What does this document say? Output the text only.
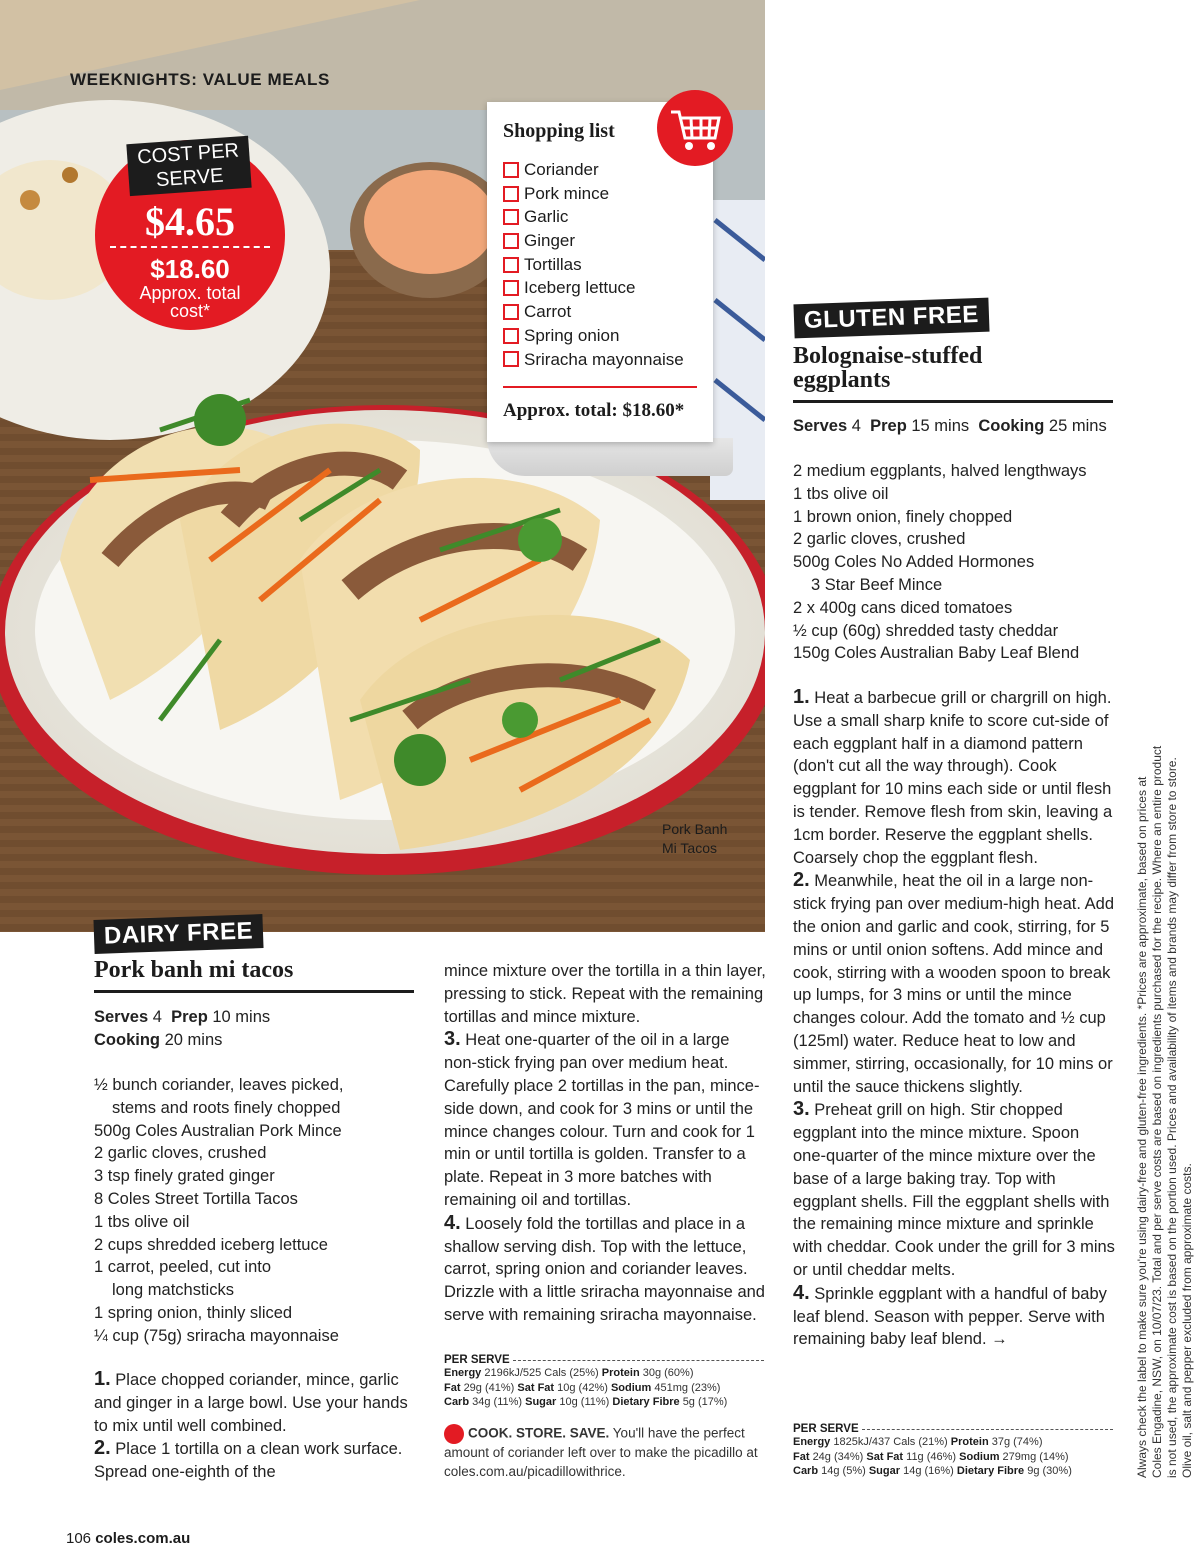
WEEKNIGHTS: VALUE MEALS
$4.65
$18.60
Approx. total
cost*
COST PER
SERVE
Shopping list
Coriander
Pork mince
Garlic
Ginger
Tortillas
Iceberg lettuce
Carrot
Spring onion
Sriracha mayonnaise
Approx. total: $18.60*
Pork Banh
Mi Tacos
DAIRY FREE
Pork banh mi tacos
Serves 4 Prep 10 mins
Cooking 20 mins
½ bunch coriander, leaves picked,
stems and roots finely chopped
500g Coles Australian Pork Mince
2 garlic cloves, crushed
3 tsp finely grated ginger
8 Coles Street Tortilla Tacos
1 tbs olive oil
2 cups shredded iceberg lettuce
1 carrot, peeled, cut into
long matchsticks
1 spring onion, thinly sliced
¼ cup (75g) sriracha mayonnaise

1. Place chopped coriander, mince, garlic and ginger in a large bowl. Use your hands to mix until well combined.

2. Place 1 tortilla on a clean work surface. Spread one-eighth of the

mince mixture over the tortilla in a thin layer, pressing to stick. Repeat with the remaining tortillas and mince mixture.

3. Heat one-quarter of the oil in a large non-stick frying pan over medium heat. Carefully place 2 tortillas in the pan, mince-side down, and cook for 3 mins or until the mince changes colour. Turn and cook for 1 min or until tortilla is golden. Transfer to a plate. Repeat in 3 more batches with remaining oil and tortillas.

4. Loosely fold the tortillas and place in a shallow serving dish. Top with the lettuce, carrot, spring onion and coriander leaves. Drizzle with a little sriracha mayonnaise and serve with remaining sriracha mayonnaise.

PER SERVE
Energy 2196kJ/525 Cals (25%) Protein 30g (60%)
Fat 29g (41%) Sat Fat 10g (42%) Sodium 451mg (23%)
Carb 34g (11%) Sugar 10g (11%) Dietary Fibre 5g (17%)
COOK. STORE. SAVE. You'll have the perfect amount of coriander left over to make the picadillo at coles.com.au/picadillowithrice.
GLUTEN FREE
Bolognaise-stuffed
eggplants
Serves 4 Prep 15 mins Cooking 25 mins
2 medium eggplants, halved lengthways
1 tbs olive oil
1 brown onion, finely chopped
2 garlic cloves, crushed
500g Coles No Added Hormones
3 Star Beef Mince
2 x 400g cans diced tomatoes
½ cup (60g) shredded tasty cheddar
150g Coles Australian Baby Leaf Blend

1. Heat a barbecue grill or chargrill on high. Use a small sharp knife to score cut-side of each eggplant half in a diamond pattern (don't cut all the way through). Cook eggplant for 10 mins each side or until flesh is tender. Remove flesh from skin, leaving a 1cm border. Reserve the eggplant shells. Coarsely chop the eggplant flesh.

2. Meanwhile, heat the oil in a large non-stick frying pan over medium-high heat. Add the onion and garlic and cook, stirring, for 5 mins or until onion softens. Add mince and cook, stirring with a wooden spoon to break up lumps, for 3 mins or until the mince changes colour. Add the tomato and ½ cup (125ml) water. Reduce heat to low and simmer, stirring, occasionally, for 10 mins or until the sauce thickens slightly.

3. Preheat grill on high. Stir chopped eggplant into the mince mixture. Spoon one-quarter of the mince mixture over the base of a large baking tray. Top with eggplant shells. Fill the eggplant shells with the remaining mince mixture and sprinkle with cheddar. Cook under the grill for 3 mins or until cheddar melts.

4. Sprinkle eggplant with a handful of baby leaf blend. Season with pepper. Serve with remaining baby leaf blend. →

PER SERVE
Energy 1825kJ/437 Cals (21%) Protein 37g (74%)
Fat 24g (34%) Sat Fat 11g (46%) Sodium 279mg (14%)
Carb 14g (5%) Sugar 14g (16%) Dietary Fibre 9g (30%)	Always check the label to make sure you're using dairy-free and gluten-free ingredients. *Prices are approximate, based on prices at Coles Engadine, NSW, on 10/07/23. Total and per serve costs are based on ingredients purchased for the recipe. Where an entire product is not used, the approximate cost is based on the portion used. Prices and availability of items and brands may differ from store to store. Olive oil, salt and pepper excluded from approximate costs.
106 coles.com.au
